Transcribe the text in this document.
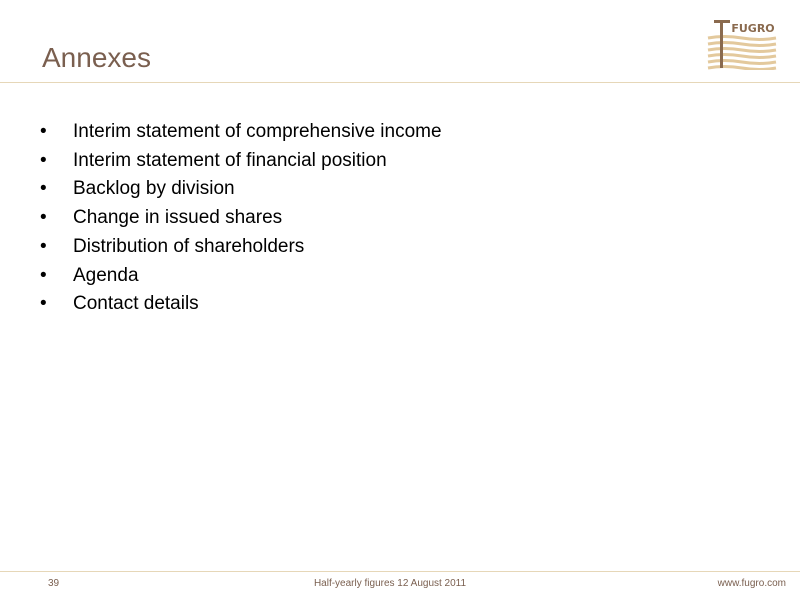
Annexes
FUGRO
• Interim statement of comprehensive income
• Interim statement of financial position
• Backlog by division
• Change in issued shares
• Distribution of shareholders
• Agenda
• Contact details
39	Half-yearly figures 12 August 2011	www.fugro.com
